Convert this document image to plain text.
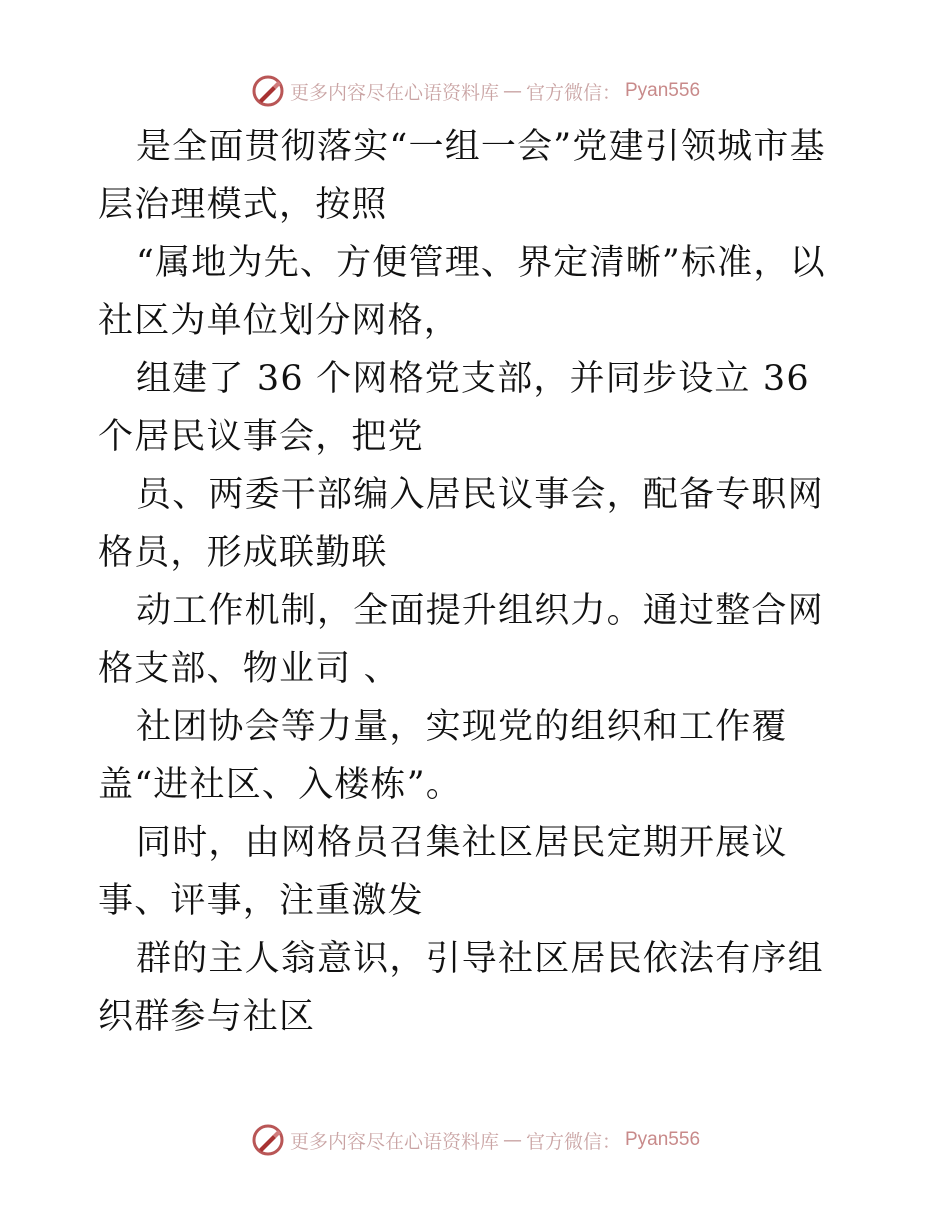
更多内容尽在心语资料库 — 官方微信： Pyan556

是全面贯彻落实“一组一会”党建引领城市基层治理模式，按照

“属地为先、方便管理、界定清晰”标准，以社区为单位划分网格，

组建了 36 个网格党支部，并同步设立 36 个居民议事会，把党

员、两委干部编入居民议事会，配备专职网格员，形成联勤联

动工作机制，全面提升组织力。通过整合网格支部、物业司 、

社团协会等力量，实现党的组织和工作覆盖“进社区、入楼栋”。

同时，由网格员召集社区居民定期开展议事、评事，注重激发

群的主人翁意识，引导社区居民依法有序组织群参与社区

更多内容尽在心语资料库 — 官方微信： Pyan556
